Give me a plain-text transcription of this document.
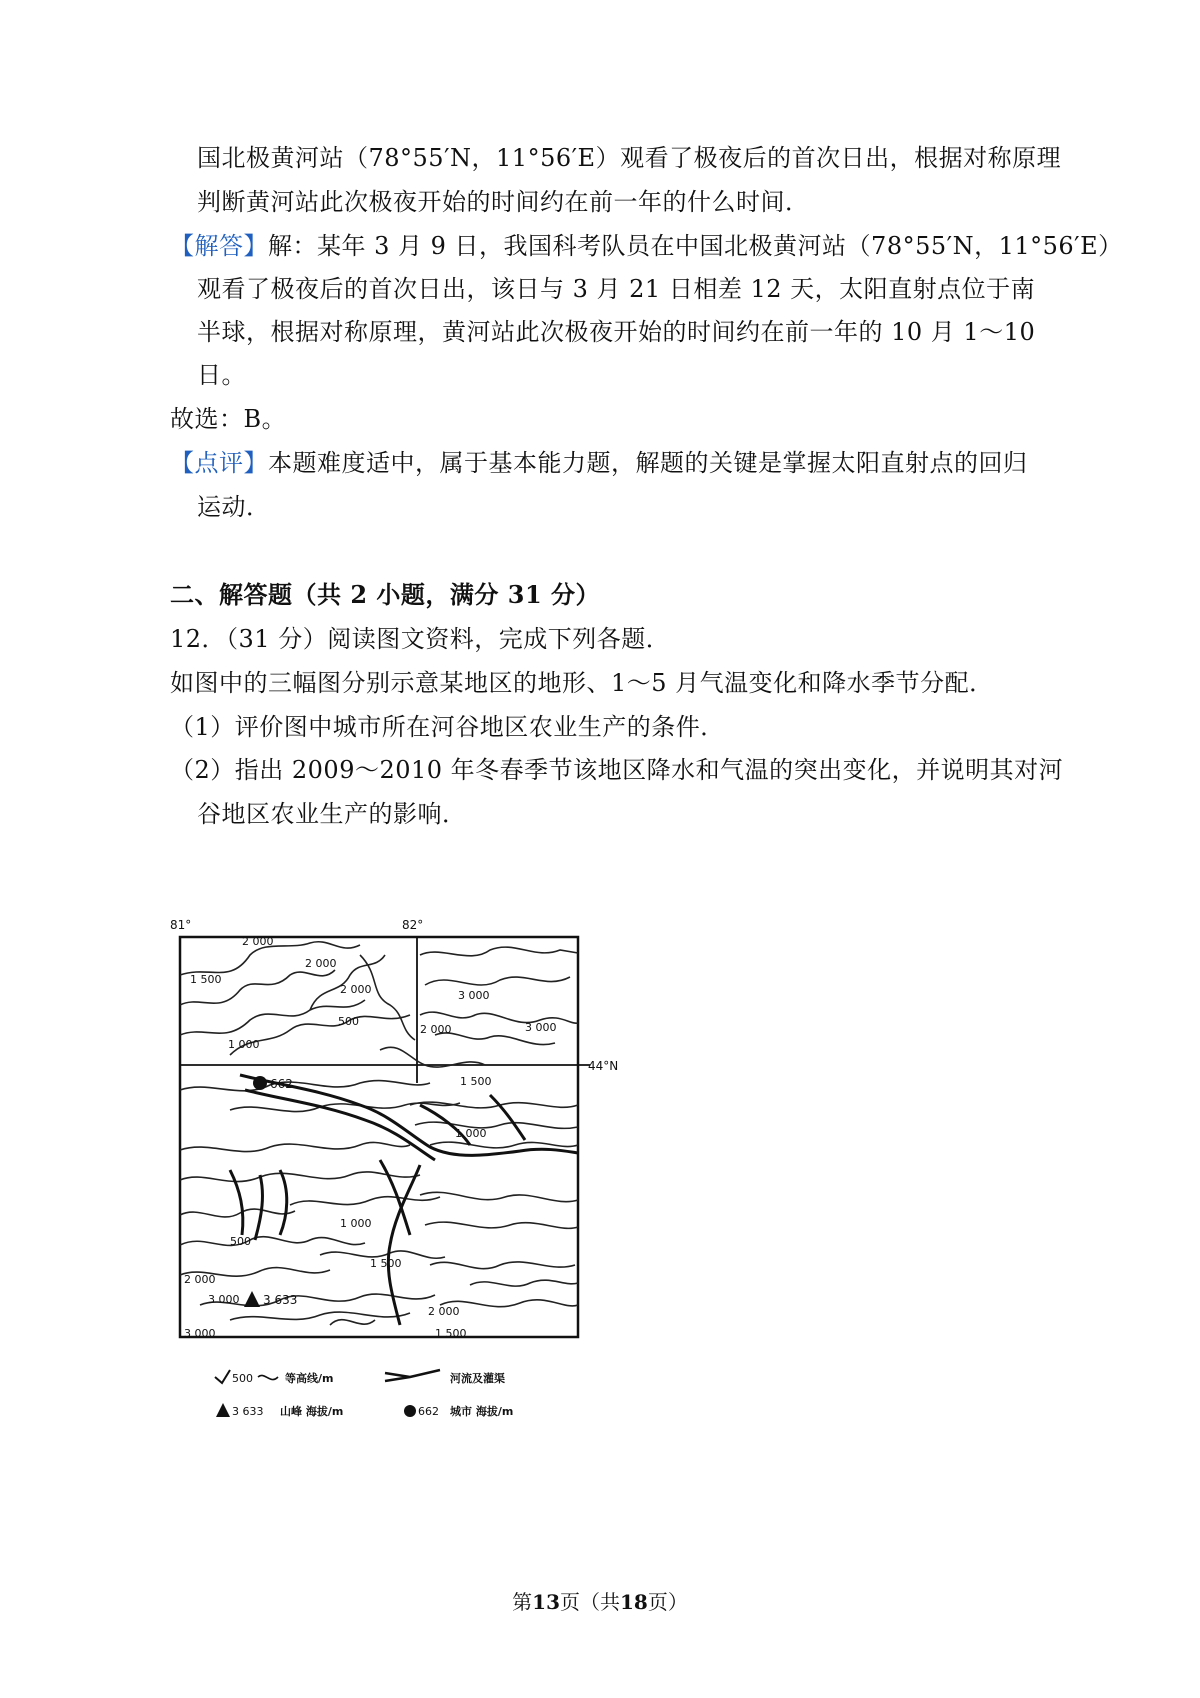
国北极黄河站（78°55′N，11°56′E）观看了极夜后的首次日出，根据对称原理
判断黄河站此次极夜开始的时间约在前一年的什么时间．
【解答】解：某年 3 月 9 日，我国科考队员在中国北极黄河站（78°55′N，11°56′E）
观看了极夜后的首次日出，该日与 3 月 21 日相差 12 天，太阳直射点位于南
半球，根据对称原理，黄河站此次极夜开始的时间约在前一年的 10 月 1～10
日。
故选：B。
【点评】本题难度适中，属于基本能力题，解题的关键是掌握太阳直射点的回归
运动．
二、解答题（共 2 小题，满分 31 分）
12．（31 分）阅读图文资料，完成下列各题．
如图中的三幅图分别示意某地区的地形、1～5 月气温变化和降水季节分配．
（1）评价图中城市所在河谷地区农业生产的条件．
（2）指出 2009～2010 年冬春季节该地区降水和气温的突出变化，并说明其对河
谷地区农业生产的影响．
81°	82°
44°N
2 000
1 500
2 000
2 000
500
3 000
2 000	3 000
1 000
1 500
1 000
1 000
500
2 000
3 000
1 500
2 000
1 500
3 000
662
3 633
500	等高线/m	河流及灌渠
3 633 山峰 海拔/m	662 城市 海拔/m
第13页（共18页）
